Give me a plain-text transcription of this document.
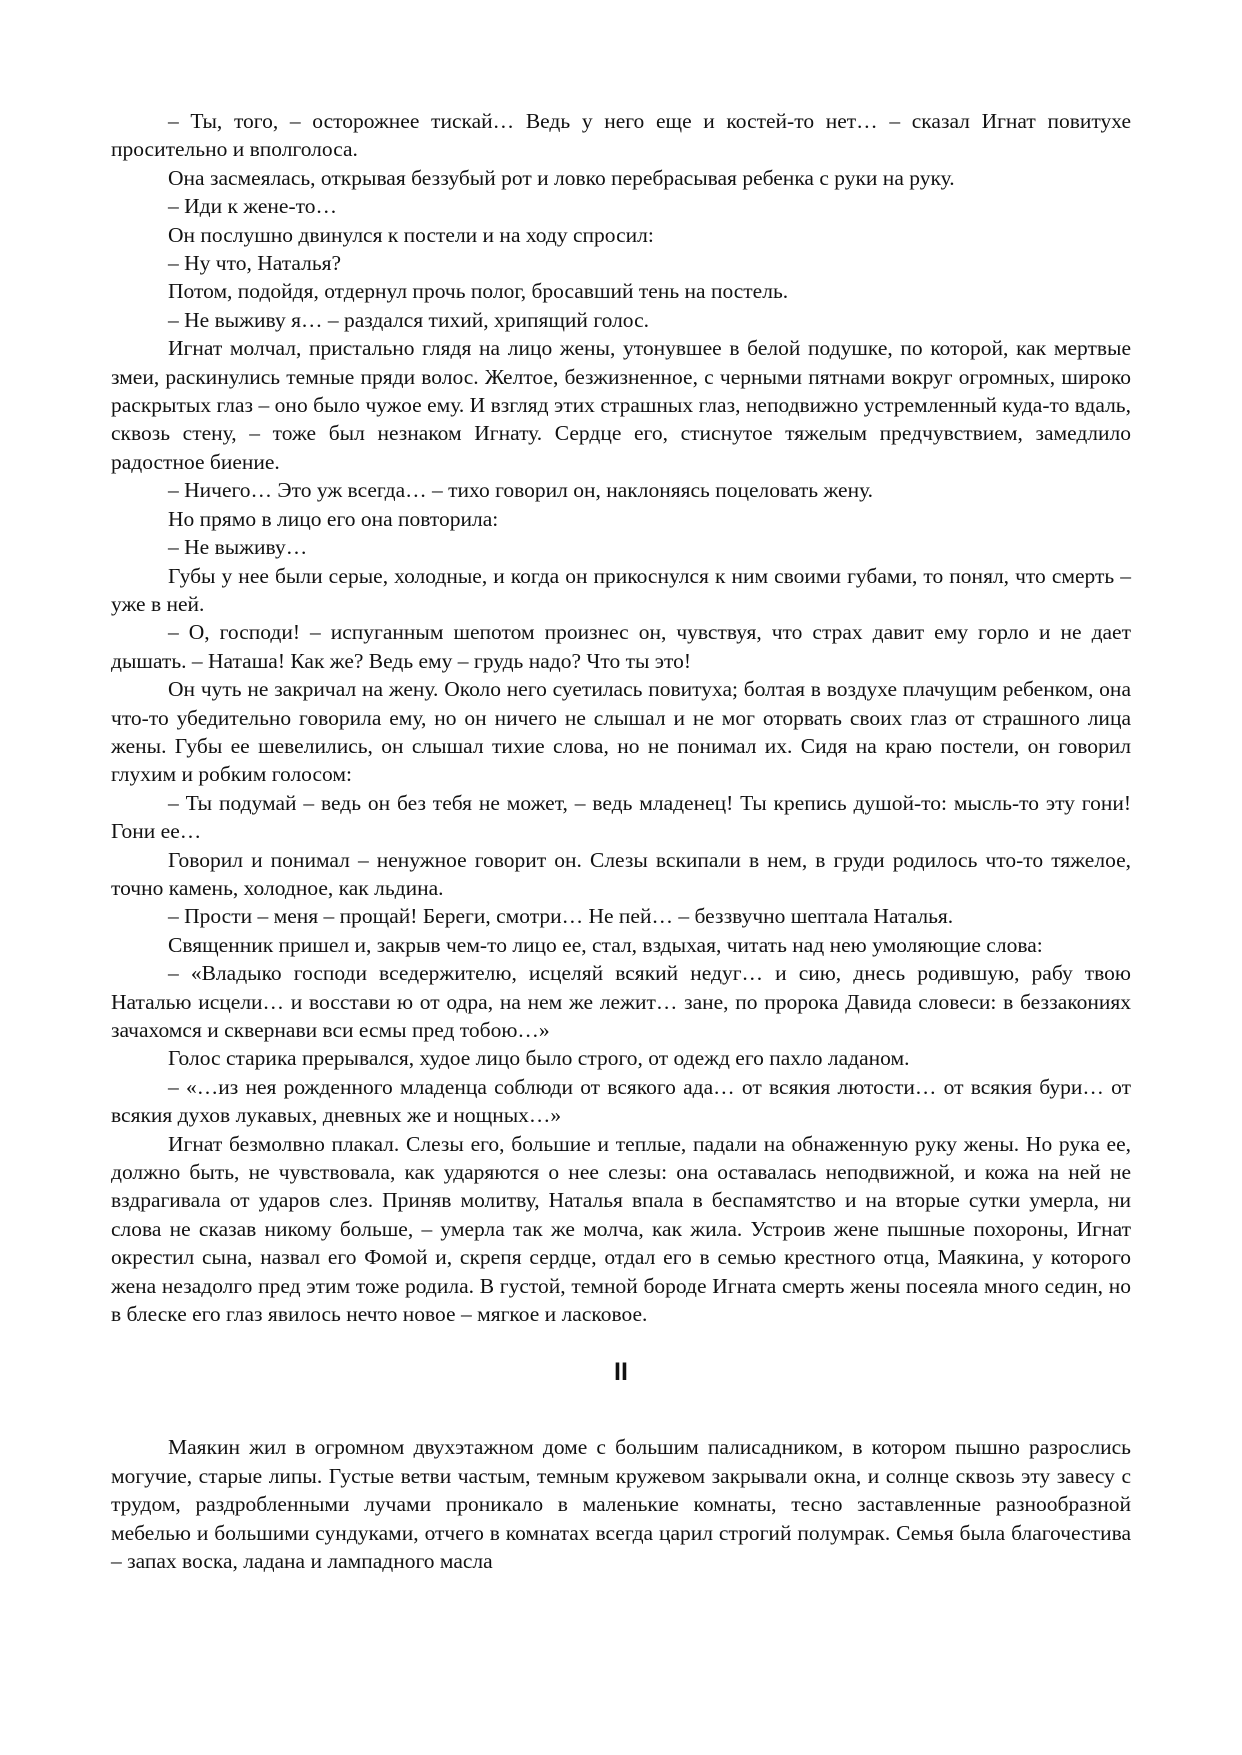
– Ты, того, – осторожнее тискай… Ведь у него еще и костей-то нет… – сказал Игнат повитухе просительно и вполголоса.

Она засмеялась, открывая беззубый рот и ловко перебрасывая ребенка с руки на руку.

– Иди к жене-то…

Он послушно двинулся к постели и на ходу спросил:

– Ну что, Наталья?

Потом, подойдя, отдернул прочь полог, бросавший тень на постель.

– Не выживу я… – раздался тихий, хрипящий голос.

Игнат молчал, пристально глядя на лицо жены, утонувшее в белой подушке, по которой, как мертвые змеи, раскинулись темные пряди волос. Желтое, безжизненное, с черными пятнами вокруг огромных, широко раскрытых глаз – оно было чужое ему. И взгляд этих страшных глаз, неподвижно устремленный куда-то вдаль, сквозь стену, – тоже был незнаком Игнату. Сердце его, стиснутое тяжелым предчувствием, замедлило радостное биение.

– Ничего… Это уж всегда… – тихо говорил он, наклоняясь поцеловать жену.

Но прямо в лицо его она повторила:

– Не выживу…

Губы у нее были серые, холодные, и когда он прикоснулся к ним своими губами, то понял, что смерть – уже в ней.

– О, господи! – испуганным шепотом произнес он, чувствуя, что страх давит ему горло и не дает дышать. – Наташа! Как же? Ведь ему – грудь надо? Что ты это!

Он чуть не закричал на жену. Около него суетилась повитуха; болтая в воздухе плачущим ребенком, она что-то убедительно говорила ему, но он ничего не слышал и не мог оторвать своих глаз от страшного лица жены. Губы ее шевелились, он слышал тихие слова, но не понимал их. Сидя на краю постели, он говорил глухим и робким голосом:

– Ты подумай – ведь он без тебя не может, – ведь младенец! Ты крепись душой-то: мысль-то эту гони! Гони ее…

Говорил и понимал – ненужное говорит он. Слезы вскипали в нем, в груди родилось что-то тяжелое, точно камень, холодное, как льдина.

– Прости – меня – прощай! Береги, смотри… Не пей… – беззвучно шептала Наталья.

Священник пришел и, закрыв чем-то лицо ее, стал, вздыхая, читать над нею умоляющие слова:

– «Владыко господи вседержителю, исцеляй всякий недуг… и сию, днесь родившую, рабу твою Наталью исцели… и восстави ю от одра, на нем же лежит… зане, по пророка Давида словеси: в беззакониях зачахомся и сквернави вси есмы пред тобою…»

Голос старика прерывался, худое лицо было строго, от одежд его пахло ладаном.

– «…из нея рожденного младенца соблюди от всякого ада… от всякия лютости… от всякия бури… от всякия духов лукавых, дневных же и нощных…»

Игнат безмолвно плакал. Слезы его, большие и теплые, падали на обнаженную руку жены. Но рука ее, должно быть, не чувствовала, как ударяются о нее слезы: она оставалась неподвижной, и кожа на ней не вздрагивала от ударов слез. Приняв молитву, Наталья впала в беспамятство и на вторые сутки умерла, ни слова не сказав никому больше, – умерла так же молча, как жила. Устроив жене пышные похороны, Игнат окрестил сына, назвал его Фомой и, скрепя сердце, отдал его в семью крестного отца, Маякина, у которого жена незадолго пред этим тоже родила. В густой, темной бороде Игната смерть жены посеяла много седин, но в блеске его глаз явилось нечто новое – мягкое и ласковое.

II

Маякин жил в огромном двухэтажном доме с большим палисадником, в котором пышно разрослись могучие, старые липы. Густые ветви частым, темным кружевом закрывали окна, и солнце сквозь эту завесу с трудом, раздробленными лучами проникало в маленькие комнаты, тесно заставленные разнообразной мебелью и большими сундуками, отчего в комнатах всегда царил строгий полумрак. Семья была благочестива – запах воска, ладана и лампадного масла
